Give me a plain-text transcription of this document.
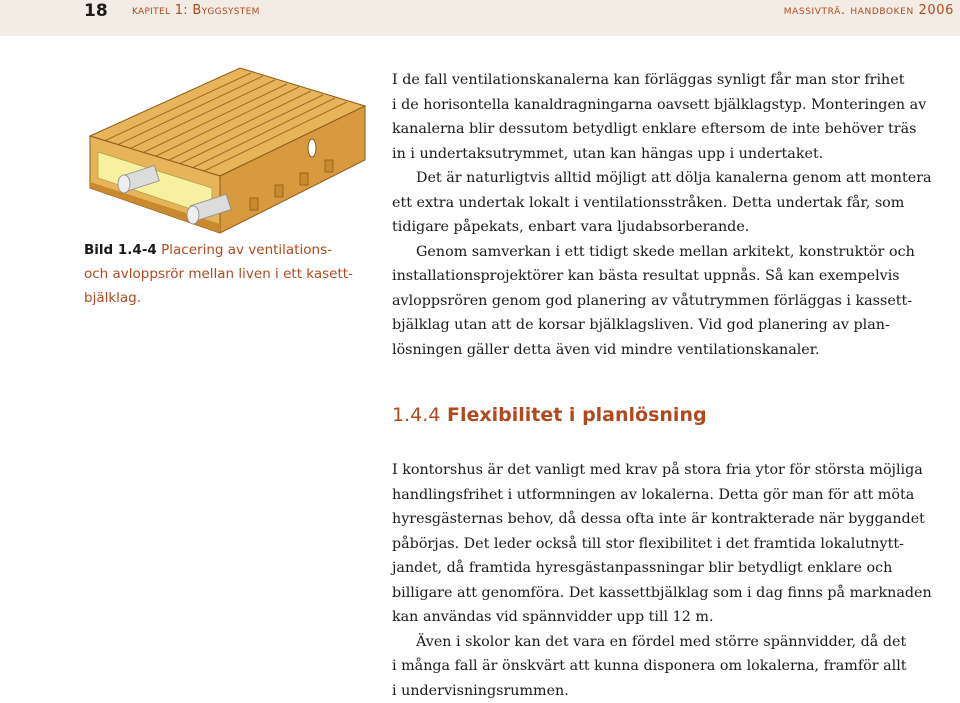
18 kapitel 1: Byggsystem	massivträ. handboken 2006
Bild 1.4-4 Placering av ventilations-
och avloppsrör mellan liven i ett kasett-
bjälklag.

I de fall ventilationskanalerna kan förläggas synligt får man stor frihet
i de horisontella kanaldragningarna oavsett bjälklagstyp. Monteringen av
kanalerna blir dessutom betydligt enklare eftersom de inte behöver träs
in i undertaksutrymmet, utan kan hängas upp i undertaket.

Det är naturligtvis alltid möjligt att dölja kanalerna genom att montera
ett extra undertak lokalt i ventilationsstråken. Detta undertak får, som
tidigare påpekats, enbart vara ljudabsorberande.

Genom samverkan i ett tidigt skede mellan arkitekt, konstruktör och
installationsprojektörer kan bästa resultat uppnås. Så kan exempelvis
avloppsrören genom god planering av våtutrymmen förläggas i kassett-
bjälklag utan att de korsar bjälklagsliven. Vid god planering av plan-
lösningen gäller detta även vid mindre ventilationskanaler.

1.4.4 Flexibilitet i planlösning

I kontorshus är det vanligt med krav på stora fria ytor för största möjliga
handlingsfrihet i utformningen av lokalerna. Detta gör man för att möta
hyresgästernas behov, då dessa ofta inte är kontrakterade när byggandet
påbörjas. Det leder också till stor flexibilitet i det framtida lokalutnytt-
jandet, då framtida hyresgästanpassningar blir betydligt enklare och
billigare att genomföra. Det kassettbjälklag som i dag finns på marknaden
kan användas vid spännvidder upp till 12 m.

Även i skolor kan det vara en fördel med större spännvidder, då det
i många fall är önskvärt att kunna disponera om lokalerna, framför allt
i undervisningsrummen.
